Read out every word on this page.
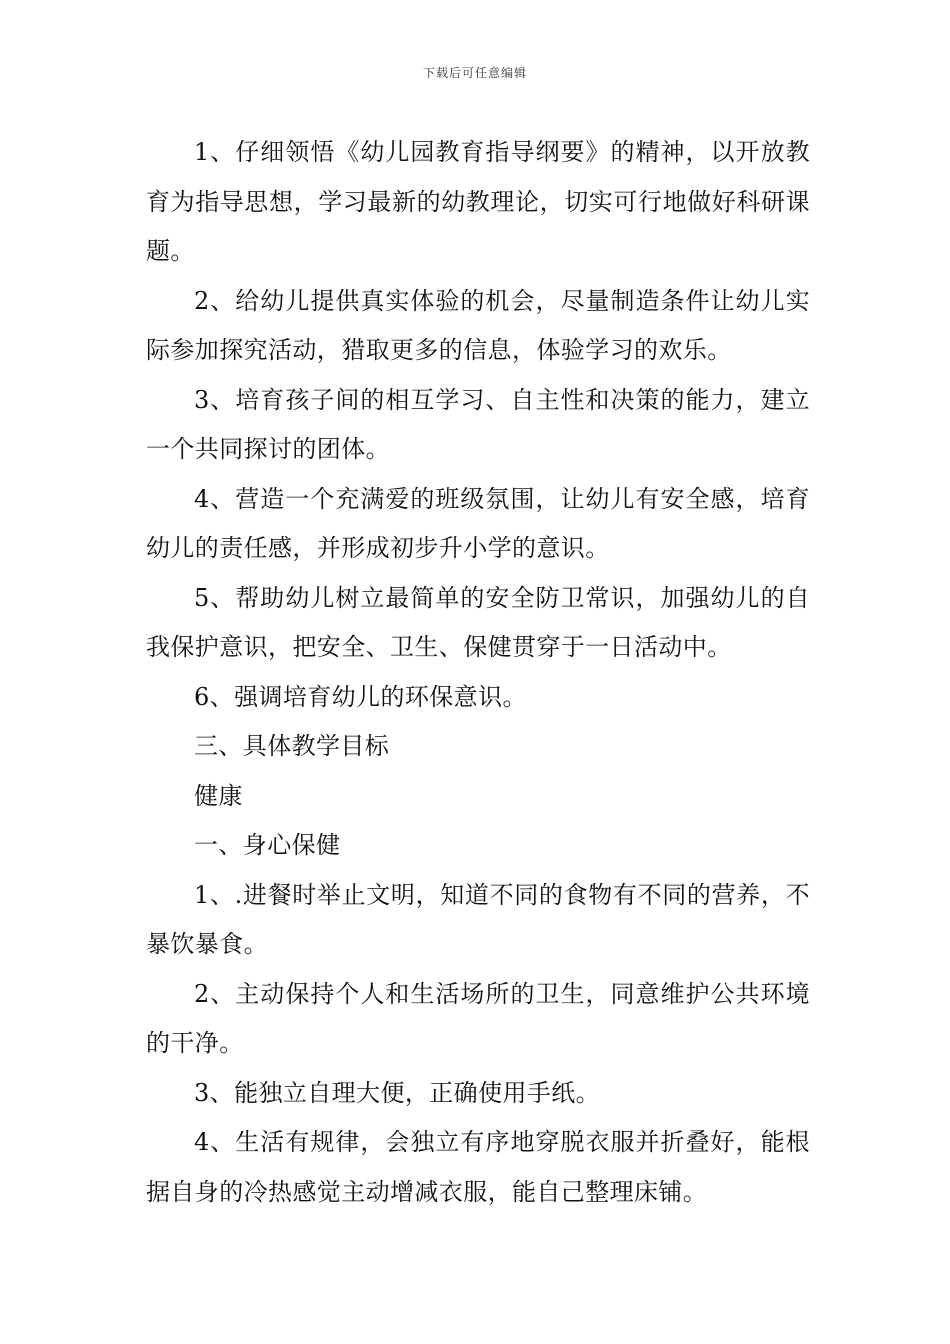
下载后可任意编辑

1、仔细领悟《幼儿园教育指导纲要》的精神，以开放教育为指导思想，学习最新的幼教理论，切实可行地做好科研课题。

2、给幼儿提供真实体验的机会，尽量制造条件让幼儿实际参加探究活动，猎取更多的信息，体验学习的欢乐。

3、培育孩子间的相互学习、自主性和决策的能力，建立一个共同探讨的团体。

4、营造一个充满爱的班级氛围，让幼儿有安全感，培育幼儿的责任感，并形成初步升小学的意识。

5、帮助幼儿树立最简单的安全防卫常识，加强幼儿的自我保护意识，把安全、卫生、保健贯穿于一日活动中。

6、强调培育幼儿的环保意识。

三、具体教学目标

健康

一、身心保健

1、.进餐时举止文明，知道不同的食物有不同的营养，不暴饮暴食。

2、主动保持个人和生活场所的卫生，同意维护公共环境的干净。

3、能独立自理大便，正确使用手纸。

4、生活有规律，会独立有序地穿脱衣服并折叠好，能根据自身的冷热感觉主动增减衣服，能自己整理床铺。
